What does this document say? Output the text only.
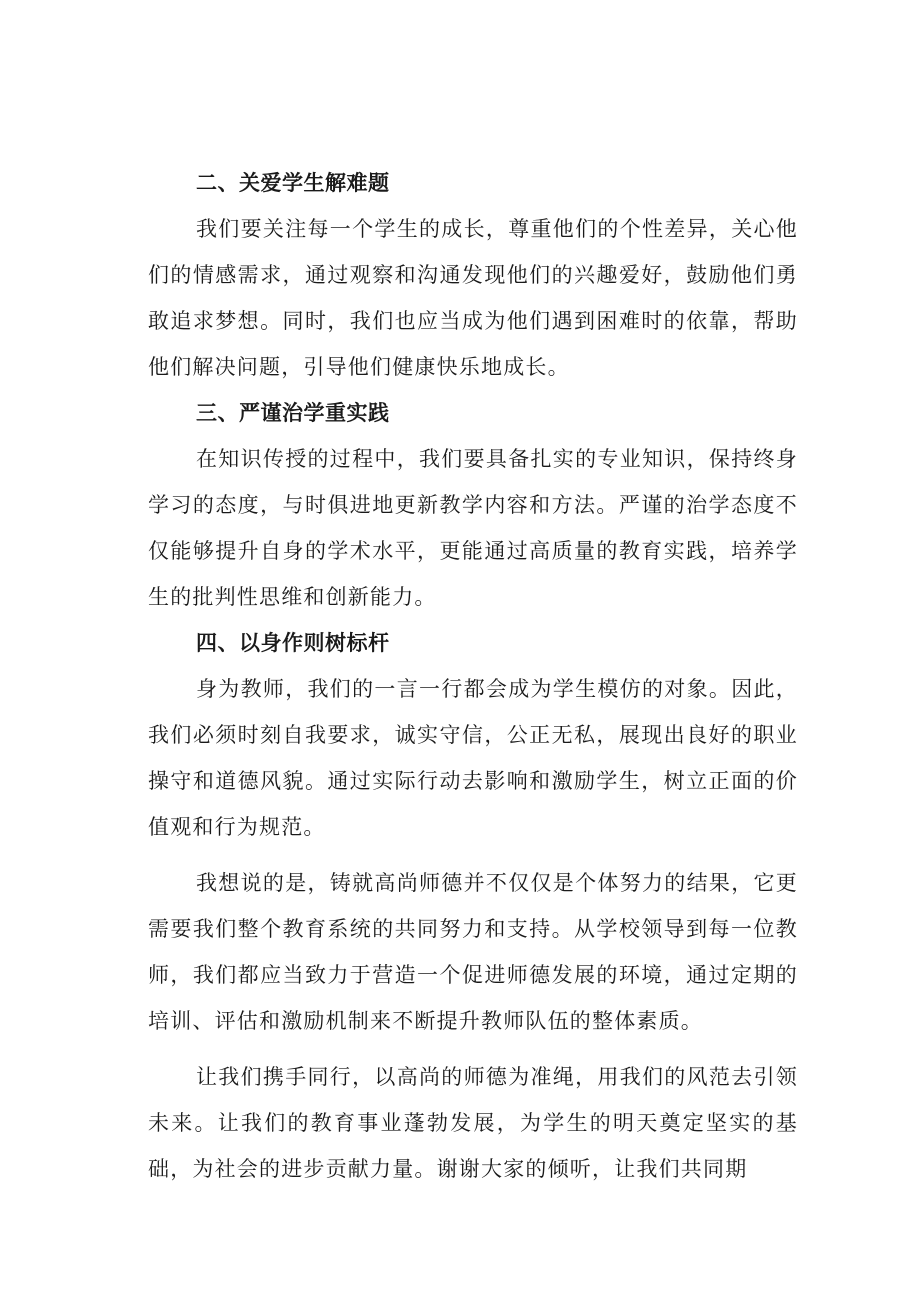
二、关爱学生解难题

我们要关注每一个学生的成长，尊重他们的个性差异，关心他们的情感需求，通过观察和沟通发现他们的兴趣爱好，鼓励他们勇敢追求梦想。同时，我们也应当成为他们遇到困难时的依靠，帮助他们解决问题，引导他们健康快乐地成长。

三、严谨治学重实践

在知识传授的过程中，我们要具备扎实的专业知识，保持终身学习的态度，与时俱进地更新教学内容和方法。严谨的治学态度不仅能够提升自身的学术水平，更能通过高质量的教育实践，培养学生的批判性思维和创新能力。

四、以身作则树标杆

身为教师，我们的一言一行都会成为学生模仿的对象。因此，我们必须时刻自我要求，诚实守信，公正无私，展现出良好的职业操守和道德风貌。通过实际行动去影响和激励学生，树立正面的价值观和行为规范。

我想说的是，铸就高尚师德并不仅仅是个体努力的结果，它更需要我们整个教育系统的共同努力和支持。从学校领导到每一位教师，我们都应当致力于营造一个促进师德发展的环境，通过定期的培训、评估和激励机制来不断提升教师队伍的整体素质。

让我们携手同行，以高尚的师德为准绳，用我们的风范去引领未来。让我们的教育事业蓬勃发展，为学生的明天奠定坚实的基础，为社会的进步贡献力量。谢谢大家的倾听，让我们共同期
